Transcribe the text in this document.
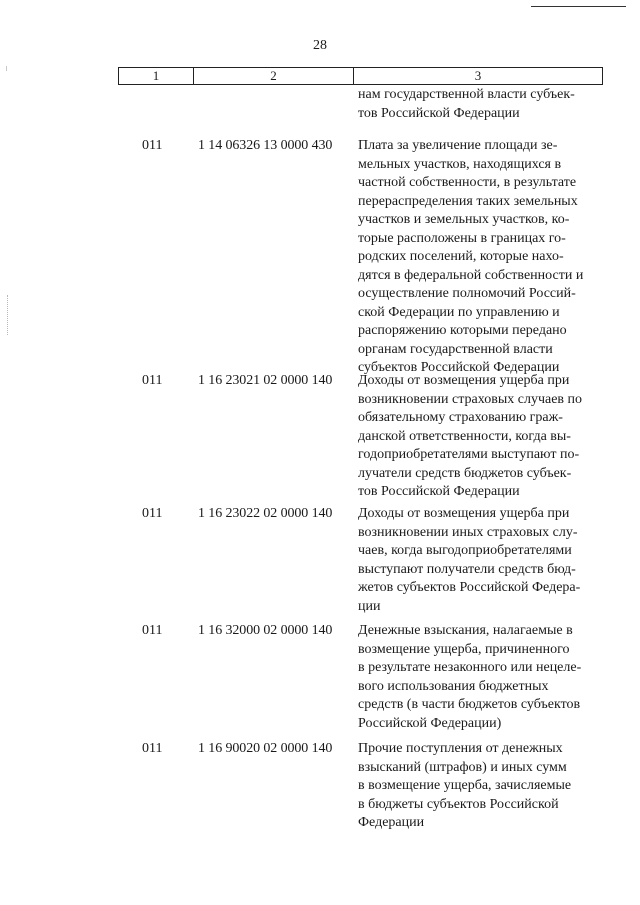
28
1	2	3
нам государственной власти субъек-
тов Российской Федерации
011	1 14 06326 13 0000 430	Плата за увеличение площади зе-
мельных участков, находящихся в
частной собственности, в результате
перераспределения таких земельных
участков и земельных участков, ко-
торые расположены в границах го-
родских поселений, которые нахо-
дятся в федеральной собственности и
осуществление полномочий Россий-
ской Федерации по управлению и
распоряжению которыми передано
органам государственной власти
субъектов Российской Федерации
011	1 16 23021 02 0000 140	Доходы от возмещения ущерба при
возникновении страховых случаев по
обязательному страхованию граж-
данской ответственности, когда вы-
годоприобретателями выступают по-
лучатели средств бюджетов субъек-
тов Российской Федерации
011	1 16 23022 02 0000 140	Доходы от возмещения ущерба при
возникновении иных страховых слу-
чаев, когда выгодоприобретателями
выступают получатели средств бюд-
жетов субъектов Российской Федера-
ции
011	1 16 32000 02 0000 140	Денежные взыскания, налагаемые в
возмещение ущерба, причиненного
в результате незаконного или нецеле-
вого использования бюджетных
средств (в части бюджетов субъектов
Российской Федерации)
011	1 16 90020 02 0000 140	Прочие поступления от денежных
взысканий (штрафов) и иных сумм
в возмещение ущерба, зачисляемые
в бюджеты субъектов Российской
Федерации
